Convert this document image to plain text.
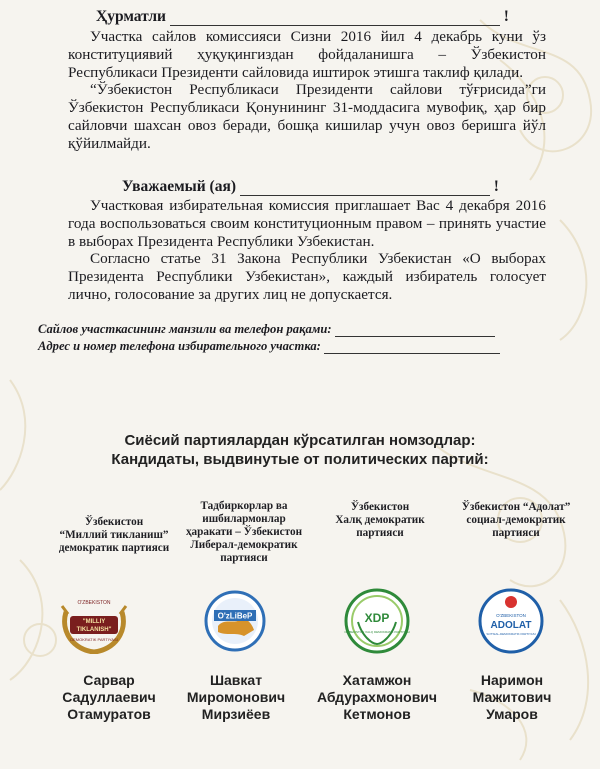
Ҳурматли	!

Участка сайлов комиссияси Сизни 2016 йил 4 декабрь куни ўз конституциявий ҳуқуқингиздан фойдаланишга – Ўзбекистон Республикаси Президенти сайловида иштирок этишга таклиф қилади.

“Ўзбекистон Республикаси Президенти сайлови тўғрисида”ги Ўзбекистон Республикаси Қонунининг 31-моддасига мувофиқ, ҳар бир сайловчи шахсан овоз беради, бошқа кишилар учун овоз беришга йўл қўйилмайди.

Уважаемый (ая)	!

Участковая избирательная комиссия приглашает Вас 4 декабря 2016 года воспользоваться своим конституционным правом – принять участие в выборах Президента Республики Узбекистан.

Согласно статье 31 Закона Республики Узбекистан «О выборах Президента Республики Узбекистан», каждый избиратель голосует лично, голосование за других лиц не допускается.

Сайлов участкасининг манзили ва телефон рақами:
Адрес и номер телефона избирательного участка:
Сиёсий партиялардан кўрсатилган номзодлар:
Кандидаты, выдвинутые от политических партий:
Ўзбекистон
“Миллий тикланиш”
демократик партияси
O'ZBEKISTON
"MILLIY
TIKLANISH"
DEMOKRATIK PARTIYASI
Сарвар
Садуллаевич
Отамуратов
Тадбиркорлар ва
ишбилармонлар
ҳаракати – Ўзбекистон
Либерал-демократик
партияси
O'zLiBeP
Шавкат
Миромонович
Мирзиёев
Ўзбекистон
Халқ демократик
партияси
XDP
O'ZBEKISTON XALQ DEMOKRATIK PARTIYASI
Хатамжон
Абдурахмонович
Кетмонов
Ўзбекистон “Адолат”
социал-демократик
партияси
O'ZBEKISTON
ADOLAT
SOTSIAL-DEMOKRATIK PARTIYASI
Наримон
Мажитович
Умаров
